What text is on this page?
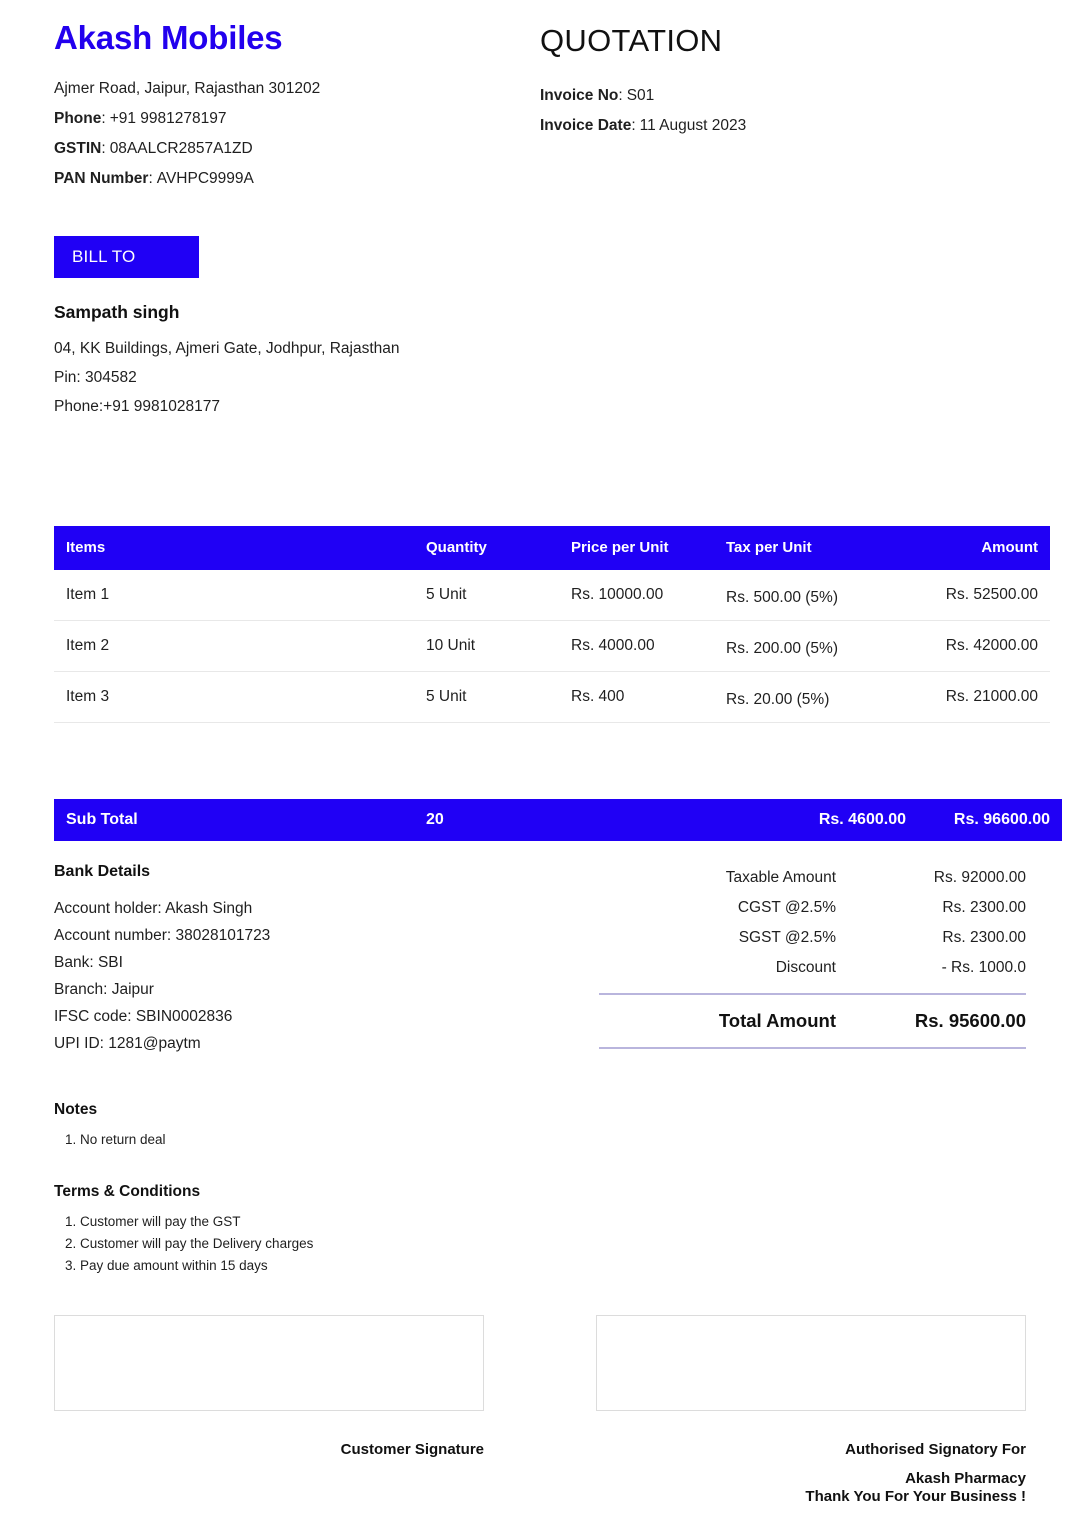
Akash Mobiles
Ajmer Road, Jaipur, Rajasthan 301202
Phone: +91 9981278197
GSTIN: 08AALCR2857A1ZD
PAN Number: AVHPC9999A
QUOTATION
Invoice No: S01
Invoice Date: 11 August 2023
BILL TO
Sampath singh
04, KK Buildings, Ajmeri Gate, Jodhpur, Rajasthan
Pin: 304582
Phone:+91 9981028177
Items	Quantity	Price per Unit	Tax per Unit	Amount
Item 1	5 Unit	Rs. 10000.00	Rs. 500.00 (5%)	Rs. 52500.00
Item 2	10 Unit	Rs. 4000.00	Rs. 200.00 (5%)	Rs. 42000.00
Item 3	5 Unit	Rs. 400	Rs. 20.00 (5%)	Rs. 21000.00
Sub Total	20		Rs. 4600.00	Rs. 96600.00
Bank Details
Account holder: Akash Singh
Account number: 38028101723
Bank: SBI
Branch: Jaipur
IFSC code: SBIN0002836
UPI ID: 1281@paytm
Taxable Amount	Rs. 92000.00
CGST @2.5%	Rs. 2300.00
SGST @2.5%	Rs. 2300.00
Discount	- Rs. 1000.0
Total Amount	Rs. 95600.00
Notes
1. No return deal
Terms & Conditions
1. Customer will pay the GST
2. Customer will pay the Delivery charges
3. Pay due amount within 15 days
Customer Signature	Authorised Signatory For
Akash Pharmacy
Thank You For Your Business !
